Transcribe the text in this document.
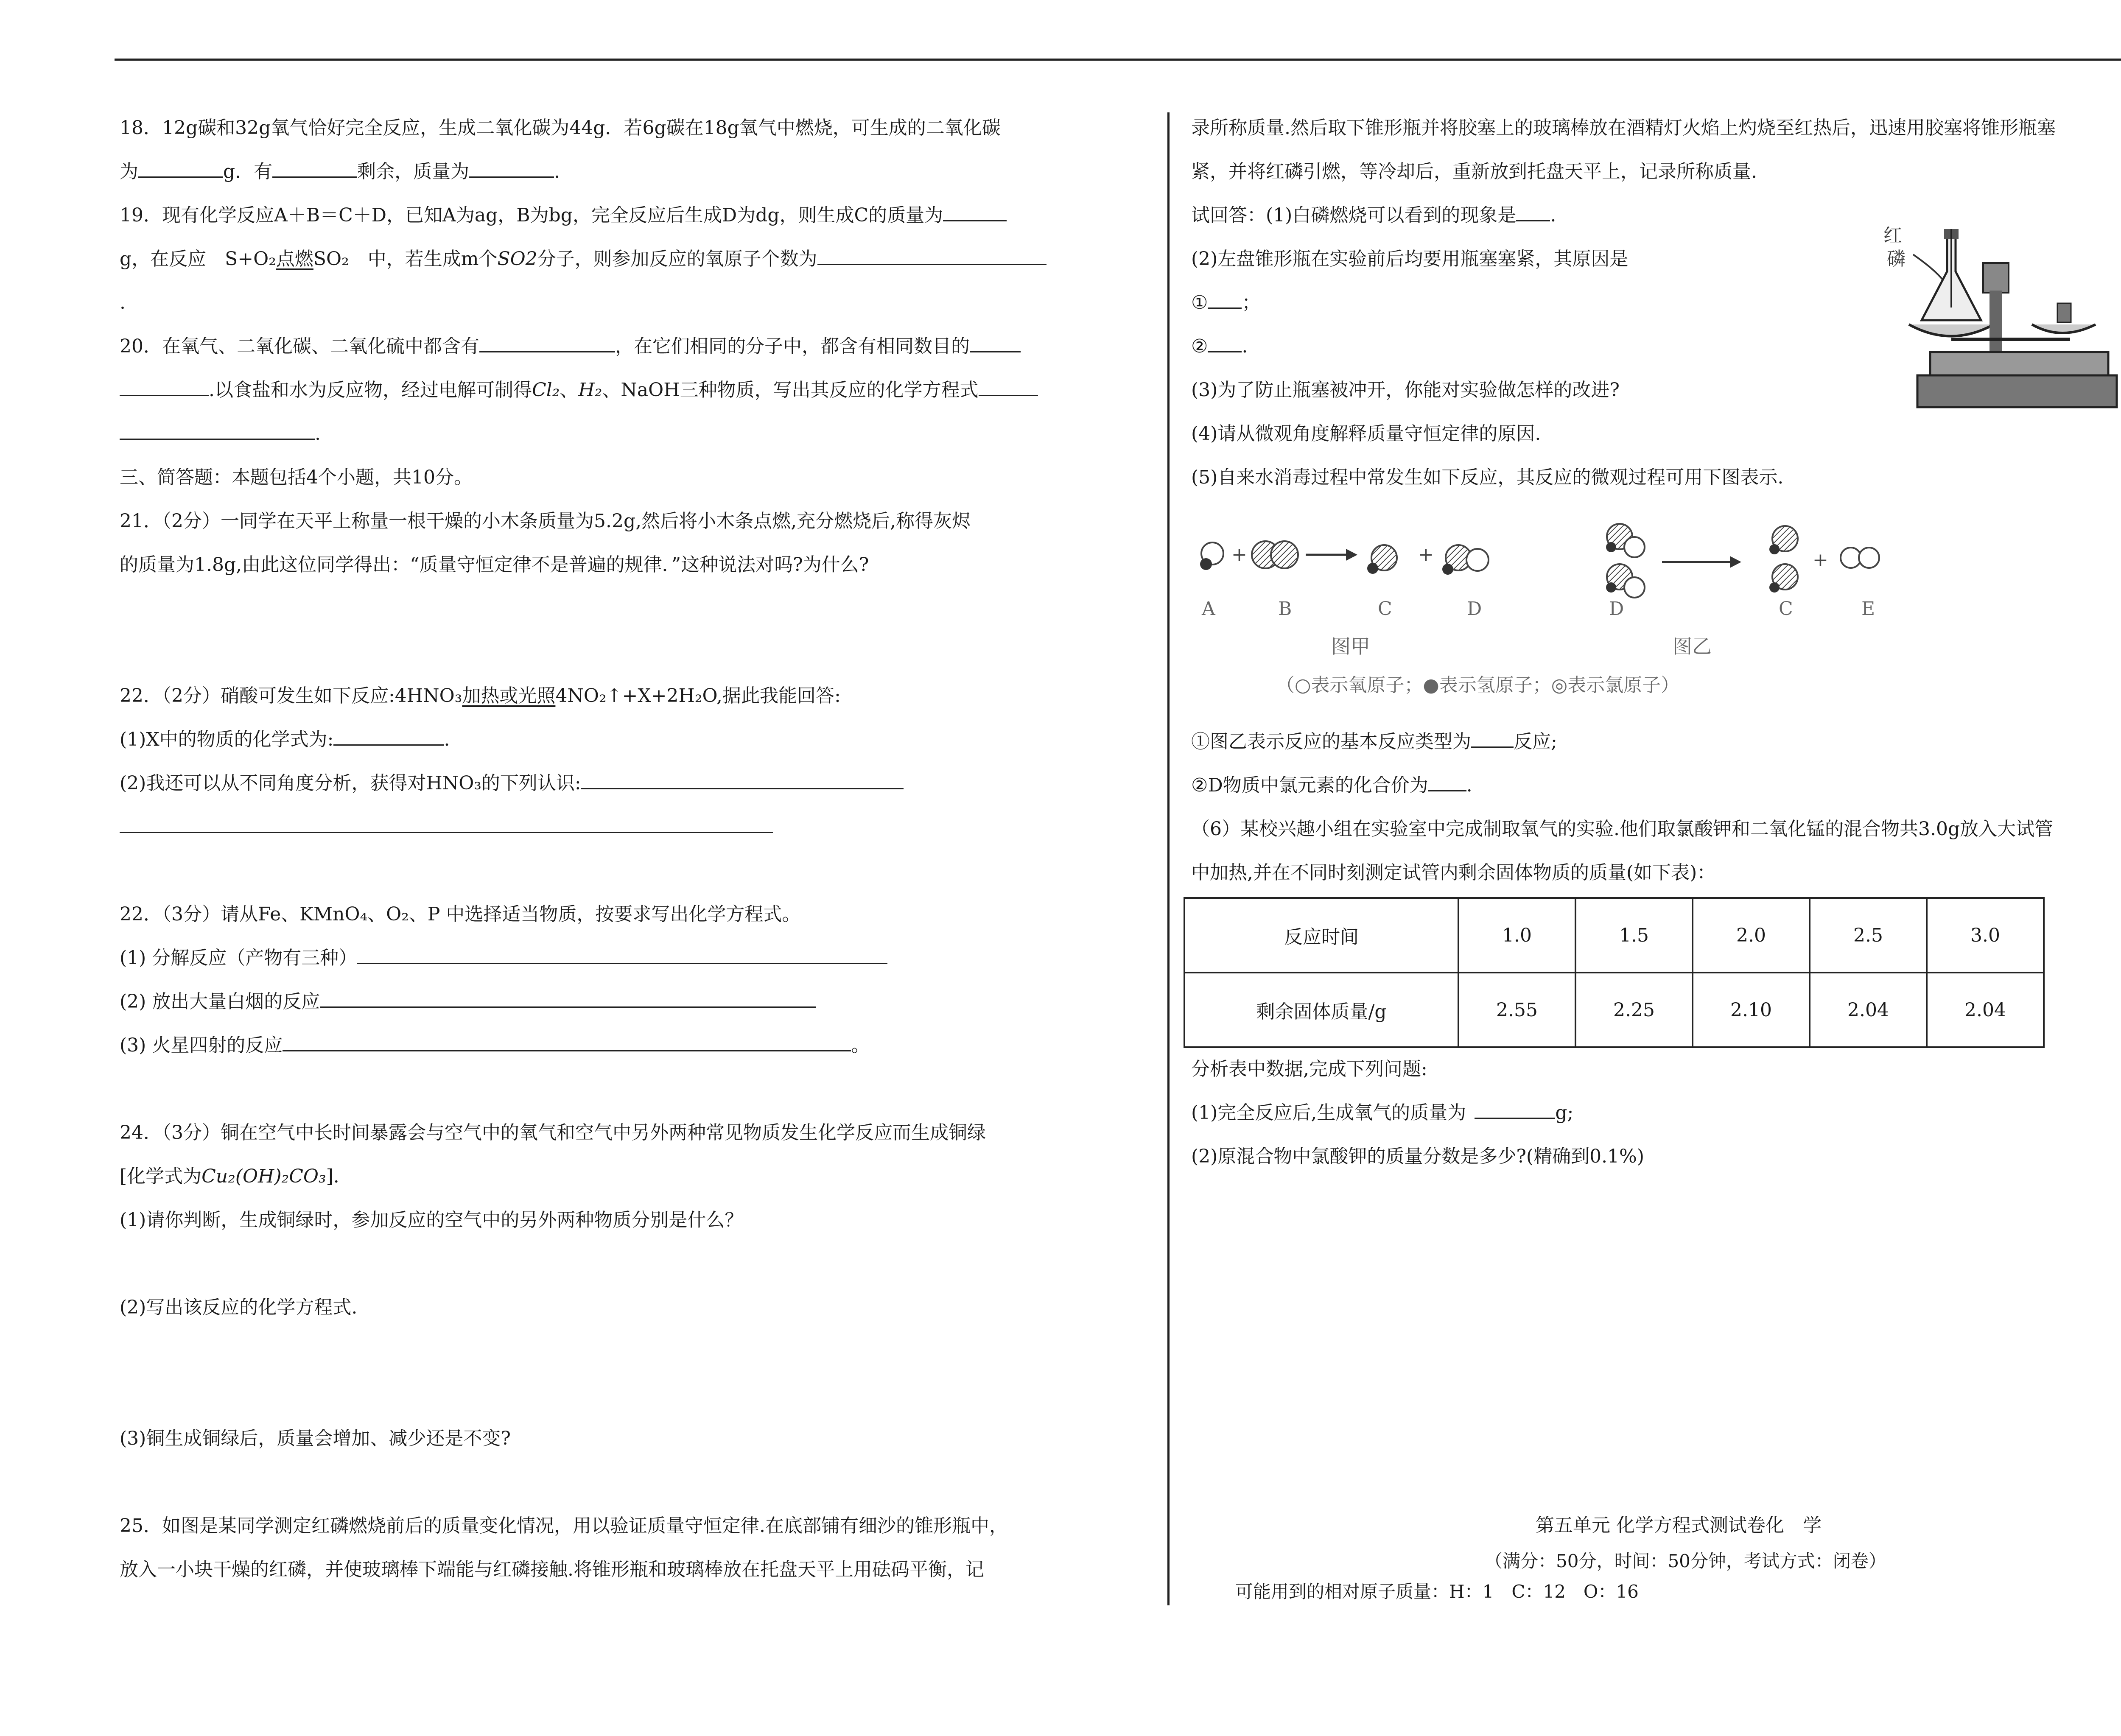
18．12g碳和32g氧气恰好完全反应，生成二氧化碳为44g．若6g碳在18g氧气中燃烧，可生成的二氧化碳

为	g．有	剩余，质量为	.

19．现有化学反应A＋B＝C＋D，已知A为ag，B为bg，完全反应后生成D为dg，则生成C的质量为

g，在反应　S+O₂点燃SO₂　中，若生成m个SO2分子，则参加反应的氧原子个数为

.

20．在氧气、二氧化碳、二氧化硫中都含有	，在它们相同的分子中，都含有相同数目的

.以食盐和水为反应物，经过电解可制得Cl₂、H₂、NaOH三种物质，写出其反应的化学方程式

.

三、简答题：本题包括4个小题，共10分。

21．（2分）一同学在天平上称量一根干燥的小木条质量为5.2g,然后将小木条点燃,充分燃烧后,称得灰烬

的质量为1.8g,由此这位同学得出：“质量守恒定律不是普遍的规律．”这种说法对吗?为什么?

22．（2分）硝酸可发生如下反应:4HNO₃加热或光照4NO₂↑+X+2H₂O,据此我能回答:

(1)X中的物质的化学式为:	.

(2)我还可以从不同角度分析，获得对HNO₃的下列认识:

22．（3分）请从Fe、KMnO₄、O₂、P 中选择适当物质，按要求写出化学方程式。

(1) 分解反应（产物有三种）

(2) 放出大量白烟的反应

(3) 火星四射的反应	。

24．（3分）铜在空气中长时间暴露会与空气中的氧气和空气中另外两种常见物质发生化学反应而生成铜绿

[化学式为Cu₂(OH)₂CO₃].

(1)请你判断，生成铜绿时，参加反应的空气中的另外两种物质分别是什么？

(2)写出该反应的化学方程式.

(3)铜生成铜绿后，质量会增加、减少还是不变?

25．如图是某同学测定红磷燃烧前后的质量变化情况，用以验证质量守恒定律.在底部铺有细沙的锥形瓶中，

放入一小块干燥的红磷，并使玻璃棒下端能与红磷接触.将锥形瓶和玻璃棒放在托盘天平上用砝码平衡，记

录所称质量.然后取下锥形瓶并将胶塞上的玻璃棒放在酒精灯火焰上灼烧至红热后，迅速用胶塞将锥形瓶塞

紧，并将红磷引燃，等冷却后，重新放到托盘天平上，记录所称质量.

试回答：(1)白磷燃烧可以看到的现象是 .

(2)左盘锥形瓶在实验前后均要用瓶塞塞紧，其原因是

① ；

② .

(3)为了防止瓶塞被冲开，你能对实验做怎样的改进?

(4)请从微观角度解释质量守恒定律的原因.

(5)自来水消毒过程中常发生如下反应，其反应的微观过程可用下图表示.

①图乙表示反应的基本反应类型为 反应;

②D物质中氯元素的化合价为 .

（6）某校兴趣小组在实验室中完成制取氧气的实验.他们取氯酸钾和二氧化锰的混合物共3.0g放入大试管

中加热,并在不同时刻测定试管内剩余固体物质的质量(如下表)：

分析表中数据,完成下列问题:

(1)完全反应后,生成氧气的质量为	g;

(2)原混合物中氯酸钾的质量分数是多少?(精确到0.1%)

红
磷
+	+
A	B	C	D
+
D	C	E
图甲	图乙
（○表示氧原子；●表示氢原子；◎表示氯原子）
反应时间	1.0	1.5	2.0	2.5	3.0
剩余固体质量/g	2.55	2.25	2.10	2.04	2.04
第五单元 化学方程式测试卷化　学
（满分：50分，时间：50分钟，考试方式：闭卷）
可能用到的相对原子质量：H：1　C：12　O：16
